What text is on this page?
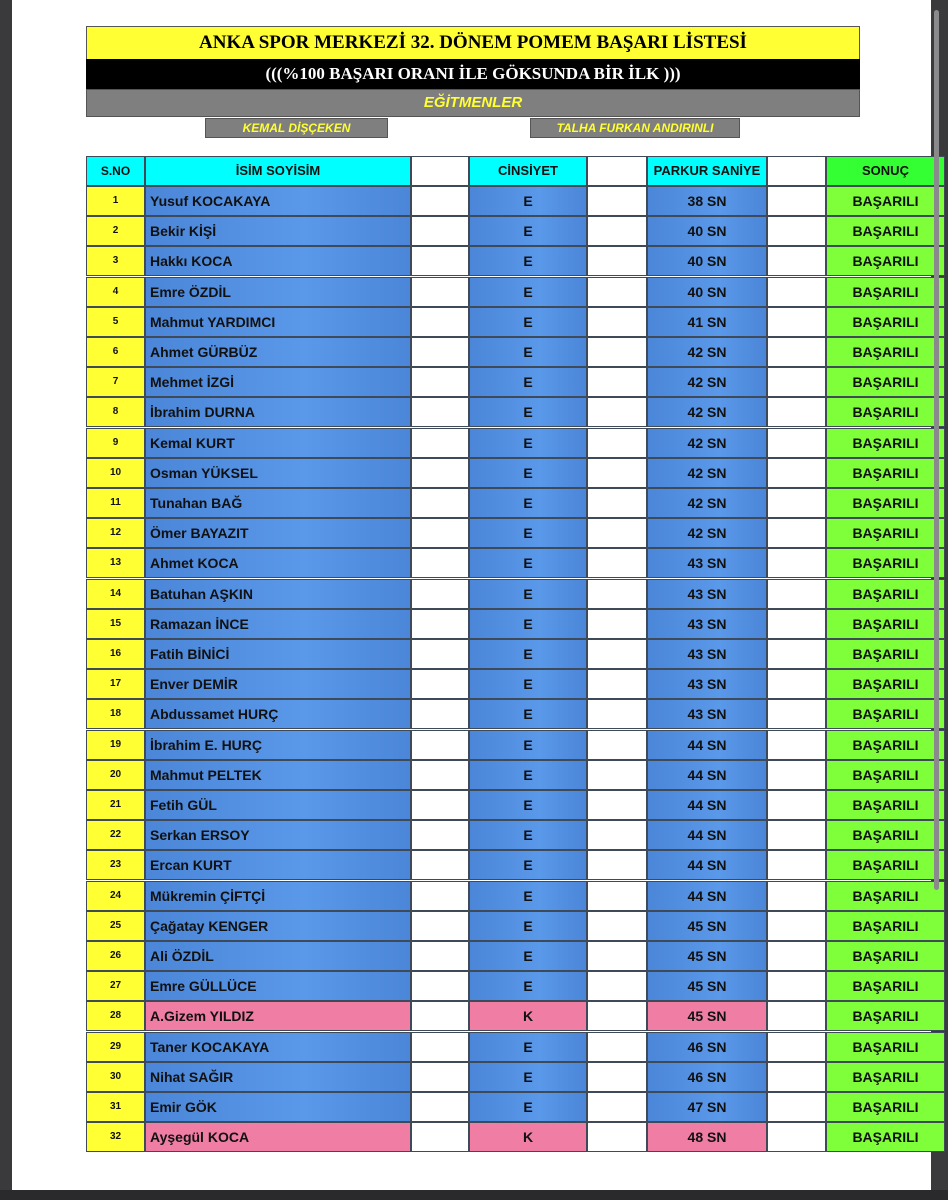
ANKA SPOR MERKEZİ 32. DÖNEM POMEM BAŞARI LİSTESİ
(((%100 BAŞARI ORANI İLE GÖKSUNDA BİR İLK )))
EĞİTMENLER
KEMAL DİŞÇEKEN	TALHA FURKAN ANDIRINLI
S.NO	İSİM SOYİSİM	CİNSİYET	PARKUR SANİYE	SONUÇ
1	Yusuf KOCAKAYA	E	38 SN	BAŞARILI
2	Bekir KİŞİ	E	40 SN	BAŞARILI
3	Hakkı KOCA	E	40 SN	BAŞARILI
4	Emre ÖZDİL	E	40 SN	BAŞARILI
5	Mahmut YARDIMCI	E	41 SN	BAŞARILI
6	Ahmet GÜRBÜZ	E	42 SN	BAŞARILI
7	Mehmet İZGİ	E	42 SN	BAŞARILI
8	İbrahim DURNA	E	42 SN	BAŞARILI
9	Kemal KURT	E	42 SN	BAŞARILI
10	Osman YÜKSEL	E	42 SN	BAŞARILI
11	Tunahan BAĞ	E	42 SN	BAŞARILI
12	Ömer BAYAZIT	E	42 SN	BAŞARILI
13	Ahmet KOCA	E	43 SN	BAŞARILI
14	Batuhan AŞKIN	E	43 SN	BAŞARILI
15	Ramazan İNCE	E	43 SN	BAŞARILI
16	Fatih BİNİCİ	E	43 SN	BAŞARILI
17	Enver DEMİR	E	43 SN	BAŞARILI
18	Abdussamet HURÇ	E	43 SN	BAŞARILI
19	İbrahim E. HURÇ	E	44 SN	BAŞARILI
20	Mahmut PELTEK	E	44 SN	BAŞARILI
21	Fetih GÜL	E	44 SN	BAŞARILI
22	Serkan ERSOY	E	44 SN	BAŞARILI
23	Ercan KURT	E	44 SN	BAŞARILI
24	Mükremin ÇİFTÇİ	E	44 SN	BAŞARILI
25	Çağatay KENGER	E	45 SN	BAŞARILI
26	Ali ÖZDİL	E	45 SN	BAŞARILI
27	Emre GÜLLÜCE	E	45 SN	BAŞARILI
28	A.Gizem YILDIZ	K	45 SN	BAŞARILI
29	Taner KOCAKAYA	E	46 SN	BAŞARILI
30	Nihat SAĞIR	E	46 SN	BAŞARILI
31	Emir GÖK	E	47 SN	BAŞARILI
32	Ayşegül KOCA	K	48 SN	BAŞARILI
